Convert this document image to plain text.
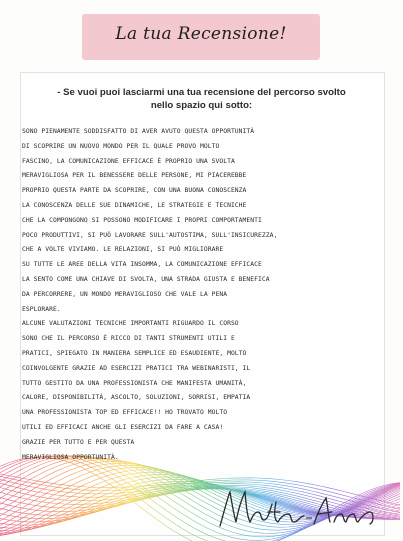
La tua Recensione!
- Se vuoi puoi lasciarmi una tua recensione del percorso svolto
nello spazio qui sotto:
SONO PIENAMENTE SODDISFATTO DI AVER AVUTO QUESTA OPPORTUNITÀ
DI SCOPRIRE UN NUOVO MONDO PER IL QUALE PROVO MOLTO
FASCINO, LA COMUNICAZIONE EFFICACE È PROPRIO UNA SVOLTA
MERAVIGLIOSA PER IL BENESSERE DELLE PERSONE, MI PIACEREBBE
PROPRIO QUESTA PARTE DA SCOPRIRE, CON UNA BUONA CONOSCENZA
LA CONOSCENZA DELLE SUE DINAMICHE, LE STRATEGIE E TECNICHE
CHE LA COMPONGONO SI POSSONO MODIFICARE I PROPRI COMPORTAMENTI
POCO PRODUTTIVI, SI PUÒ LAVORARE SULL'AUTOSTIMA, SULL'INSICUREZZA,
CHE A VOLTE VIVIAMO. LE RELAZIONI, SI PUÒ MIGLIORARE
SU TUTTE LE AREE DELLA VITA INSOMMA, LA COMUNICAZIONE EFFICACE
LA SENTO COME UNA CHIAVE DI SVOLTA, UNA STRADA GIUSTA E BENEFICA
DA PERCORRERE, UN MONDO MERAVIGLIOSO CHE VALE LA PENA
ESPLORARE.
ALCUNE VALUTAZIONI TECNICHE IMPORTANTI RIGUARDO IL CORSO
SONO CHE IL PERCORSO È RICCO DI TANTI STRUMENTI UTILI E
PRATICI, SPIEGATO IN MANIERA SEMPLICE ED ESAUDIENTE, MOLTO
COINVOLGENTE GRAZIE AD ESERCIZI PRATICI TRA WEBINARISTI, IL
TUTTO GESTITO DA UNA PROFESSIONISTA CHE MANIFESTA UMANITÀ,
CALORE, DISPONIBILITÀ, ASCOLTO, SOLUZIONI, SORRISI, EMPATIA
UNA PROFESSIONISTA TOP ED EFFICACE!! HO TROVATO MOLTO
UTILI ED EFFICACI ANCHE GLI ESERCIZI DA FARE A CASA!
GRAZIE PER TUTTO E PER QUESTA
MERAVIGLIOSA OPPORTUNITÀ.
